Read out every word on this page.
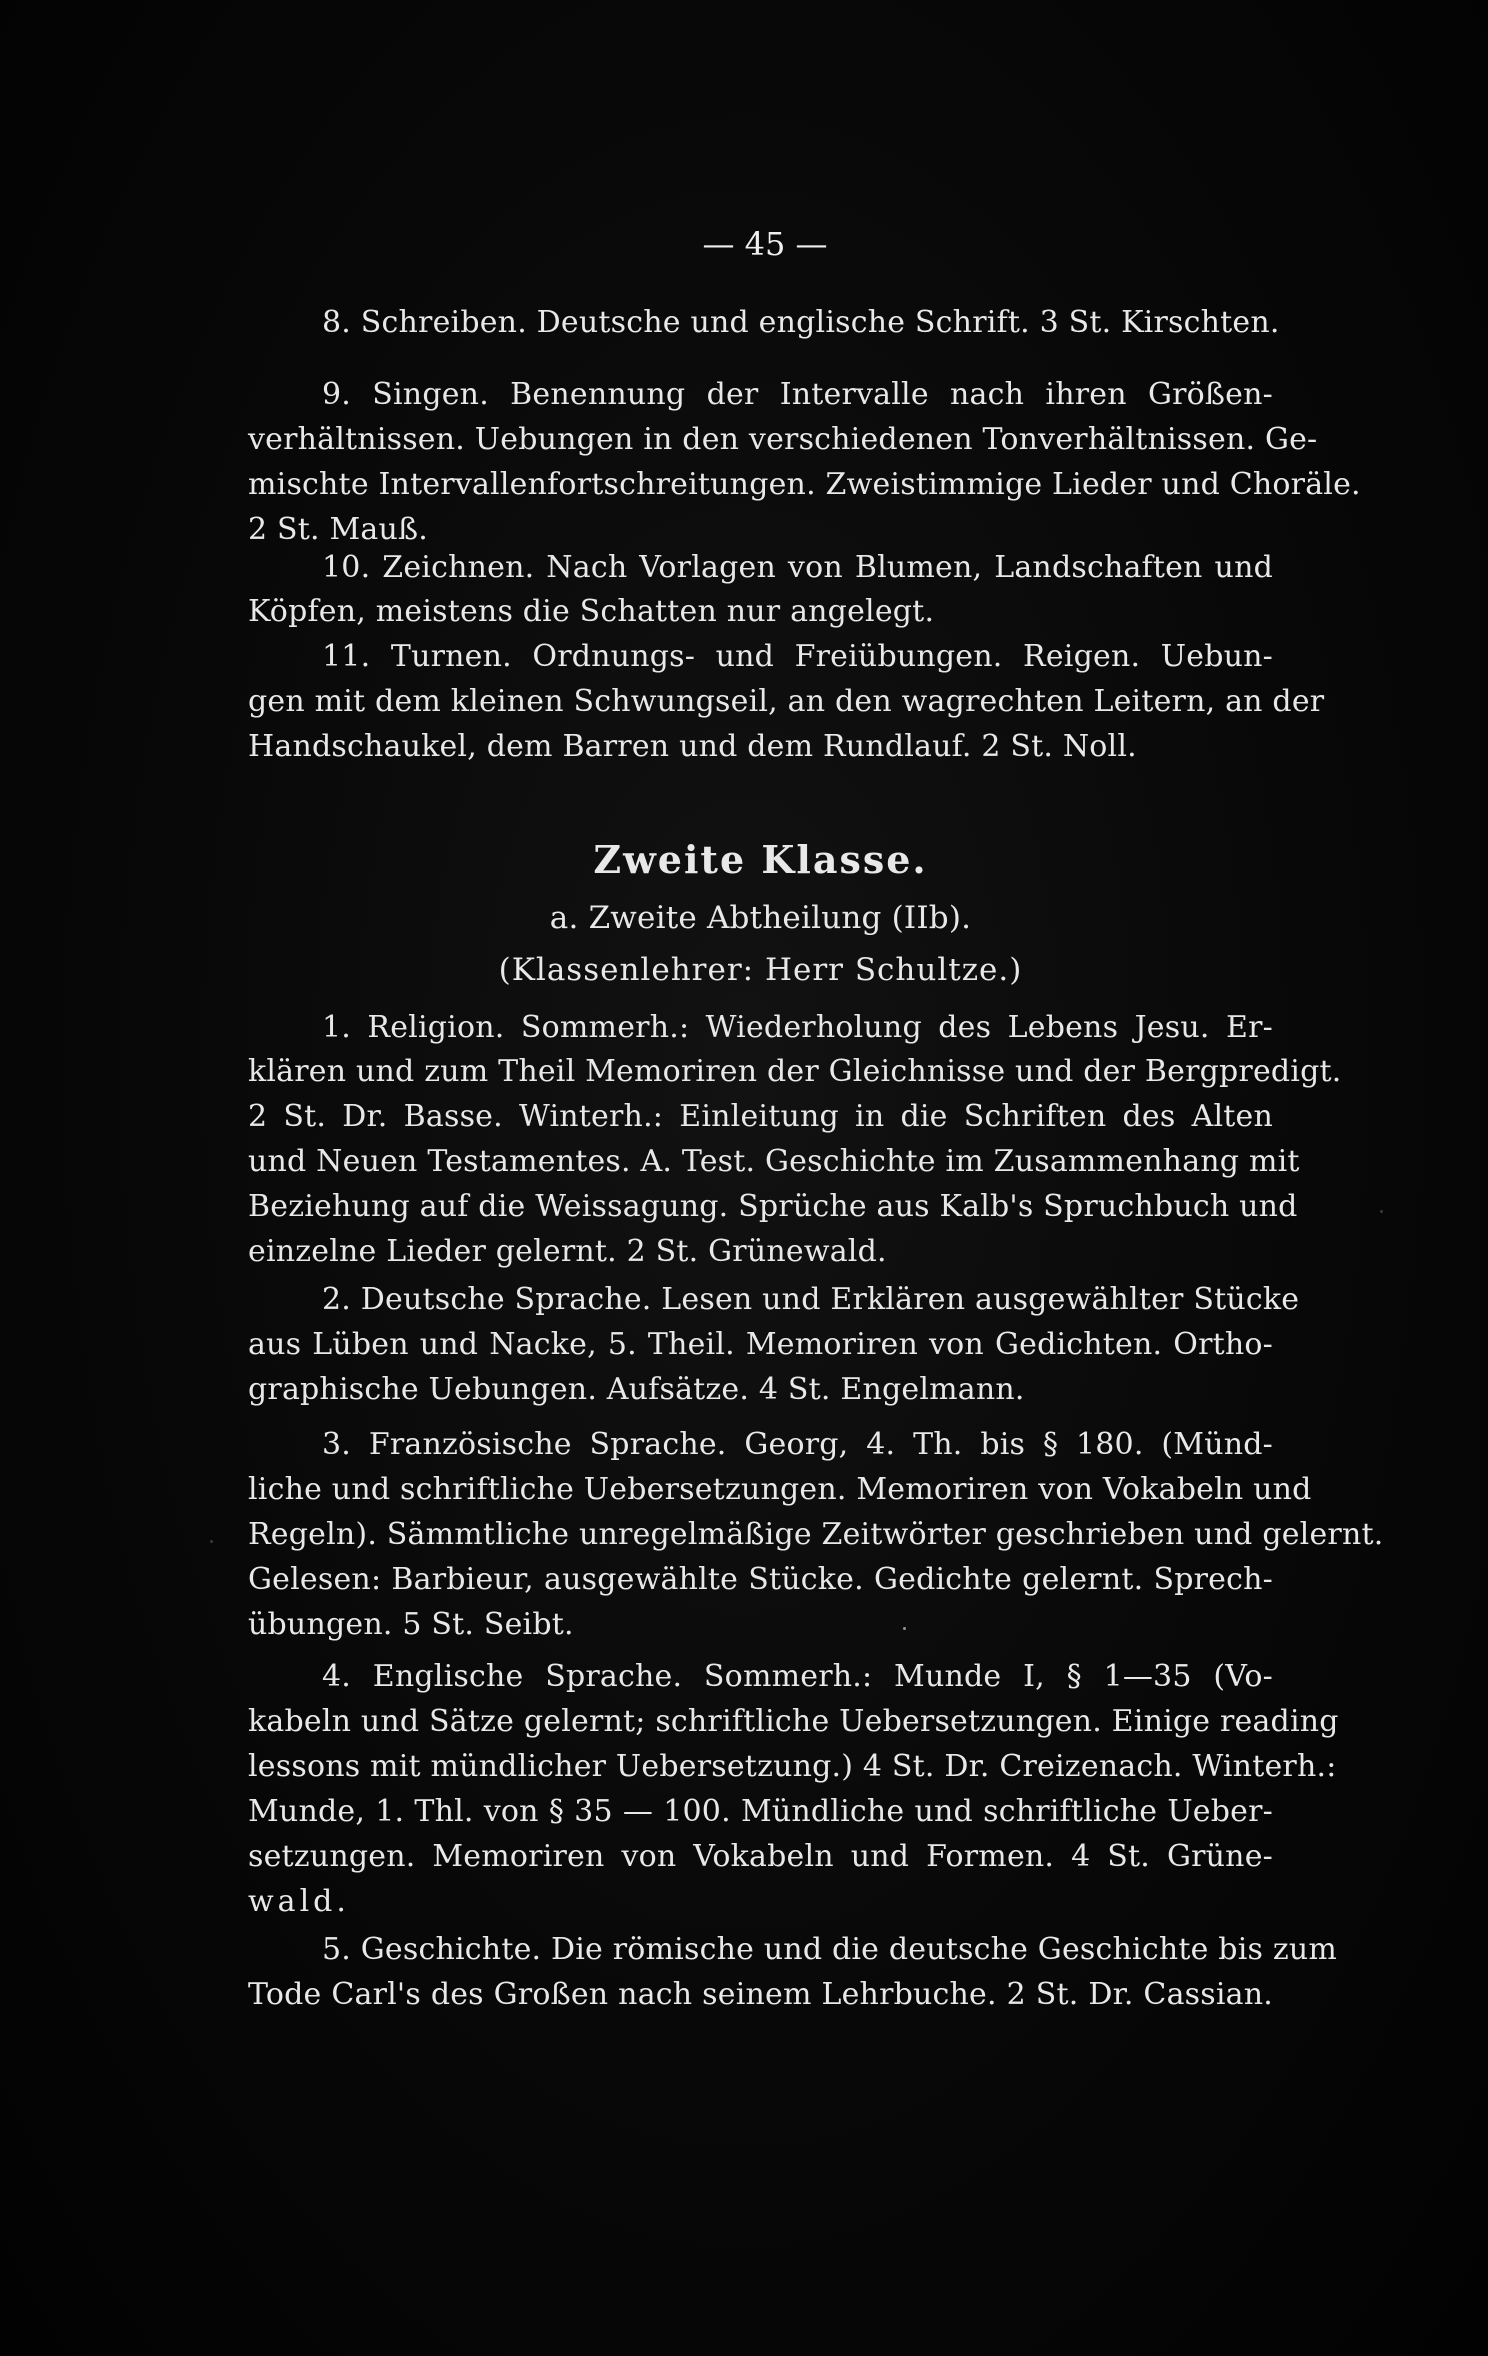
— 45 —
8. Schreiben. Deutsche und englische Schrift. 3 St. Kirschten.
9. Singen. Benennung der Intervalle nach ihren Größen-
verhältnissen. Uebungen in den verschiedenen Tonverhältnissen. Ge-
mischte Intervallenfortschreitungen. Zweistimmige Lieder und Choräle.
2 St. Mauß.
10. Zeichnen. Nach Vorlagen von Blumen, Landschaften und
Köpfen, meistens die Schatten nur angelegt.
11. Turnen. Ordnungs- und Freiübungen. Reigen. Uebun-
gen mit dem kleinen Schwungseil, an den wagrechten Leitern, an der
Handschaukel, dem Barren und dem Rundlauf. 2 St. Noll.
Zweite Klasse.
a. Zweite Abtheilung (IIb).
(Klassenlehrer: Herr Schultze.)
1. Religion. Sommerh.: Wiederholung des Lebens Jesu. Er-
klären und zum Theil Memoriren der Gleichnisse und der Bergpredigt.
2 St. Dr. Basse. Winterh.: Einleitung in die Schriften des Alten
und Neuen Testamentes. A. Test. Geschichte im Zusammenhang mit
Beziehung auf die Weissagung. Sprüche aus Kalb's Spruchbuch und
einzelne Lieder gelernt. 2 St. Grünewald.
2. Deutsche Sprache. Lesen und Erklären ausgewählter Stücke
aus Lüben und Nacke, 5. Theil. Memoriren von Gedichten. Ortho-
graphische Uebungen. Aufsätze. 4 St. Engelmann.
3. Französische Sprache. Georg, 4. Th. bis § 180. (Münd-
liche und schriftliche Uebersetzungen. Memoriren von Vokabeln und
Regeln). Sämmtliche unregelmäßige Zeitwörter geschrieben und gelernt.
Gelesen: Barbieur, ausgewählte Stücke. Gedichte gelernt. Sprech-
übungen. 5 St. Seibt.
4. Englische Sprache. Sommerh.: Munde I, § 1—35 (Vo-
kabeln und Sätze gelernt; schriftliche Uebersetzungen. Einige reading
lessons mit mündlicher Uebersetzung.) 4 St. Dr. Creizenach. Winterh.:
Munde, 1. Thl. von § 35 — 100. Mündliche und schriftliche Ueber-
setzungen. Memoriren von Vokabeln und Formen. 4 St. Grüne-
wald.
5. Geschichte. Die römische und die deutsche Geschichte bis zum
Tode Carl's des Großen nach seinem Lehrbuche. 2 St. Dr. Cassian.
